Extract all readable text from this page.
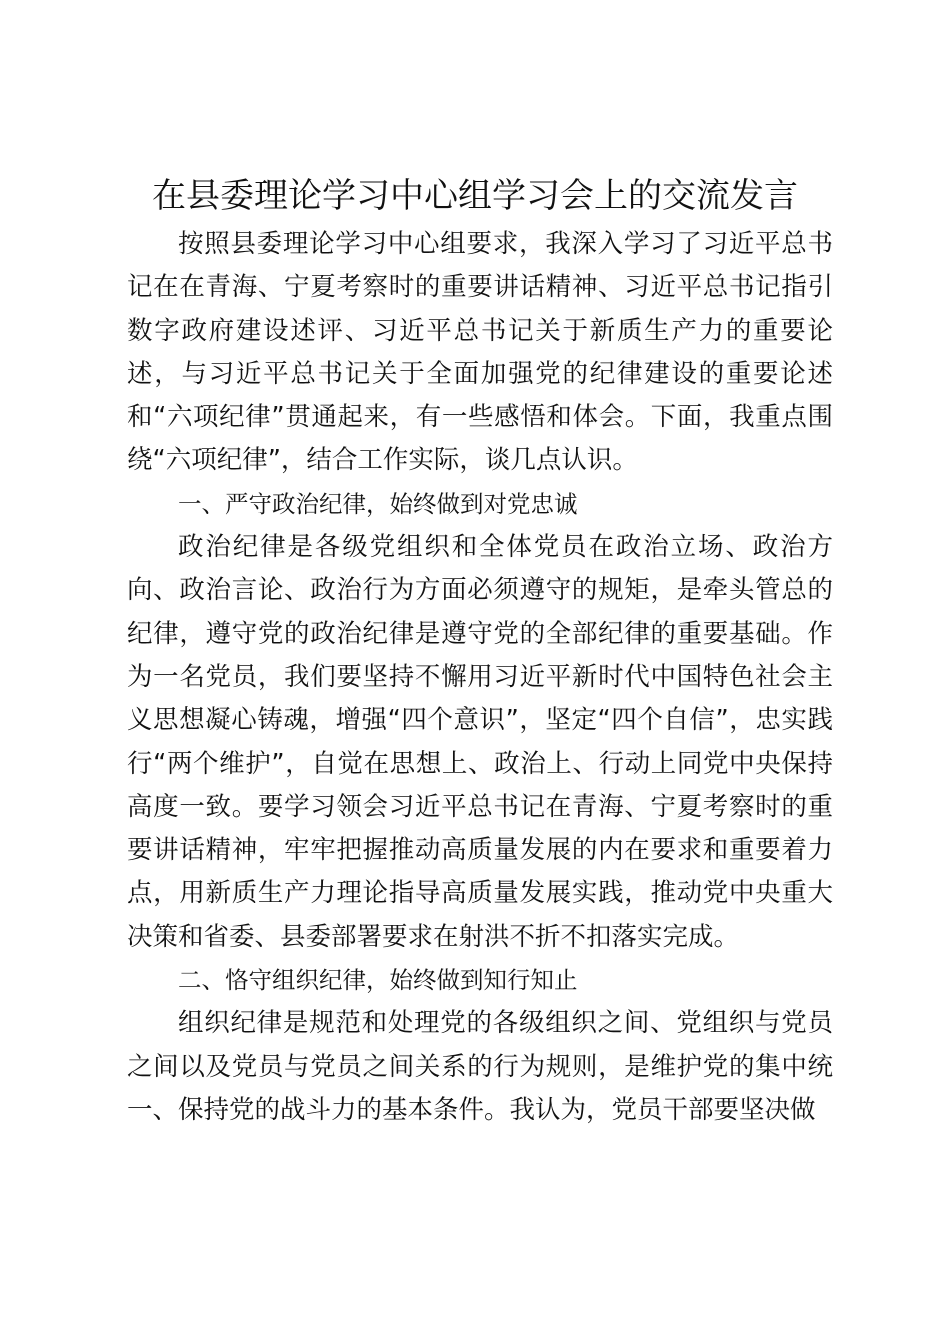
在县委理论学习中心组学习会上的交流发言

按照县委理论学习中心组要求，我深入学习了习近平总书记在在青海、宁夏考察时的重要讲话精神、习近平总书记指引数字政府建设述评、习近平总书记关于新质生产力的重要论述，与习近平总书记关于全面加强党的纪律建设的重要论述和“六项纪律”贯通起来，有一些感悟和体会。下面，我重点围绕“六项纪律”，结合工作实际，谈几点认识。

一、严守政治纪律，始终做到对党忠诚

政治纪律是各级党组织和全体党员在政治立场、政治方向、政治言论、政治行为方面必须遵守的规矩，是牵头管总的纪律，遵守党的政治纪律是遵守党的全部纪律的重要基础。作为一名党员，我们要坚持不懈用习近平新时代中国特色社会主义思想凝心铸魂，增强“四个意识”，坚定“四个自信”，忠实践行“两个维护”，自觉在思想上、政治上、行动上同党中央保持高度一致。要学习领会习近平总书记在青海、宁夏考察时的重要讲话精神，牢牢把握推动高质量发展的内在要求和重要着力点，用新质生产力理论指导高质量发展实践，推动党中央重大决策和省委、县委部署要求在射洪不折不扣落实完成。

二、恪守组织纪律，始终做到知行知止

组织纪律是规范和处理党的各级组织之间、党组织与党员之间以及党员与党员之间关系的行为规则，是维护党的集中统一、保持党的战斗力的基本条件。我认为，党员干部要坚决做
